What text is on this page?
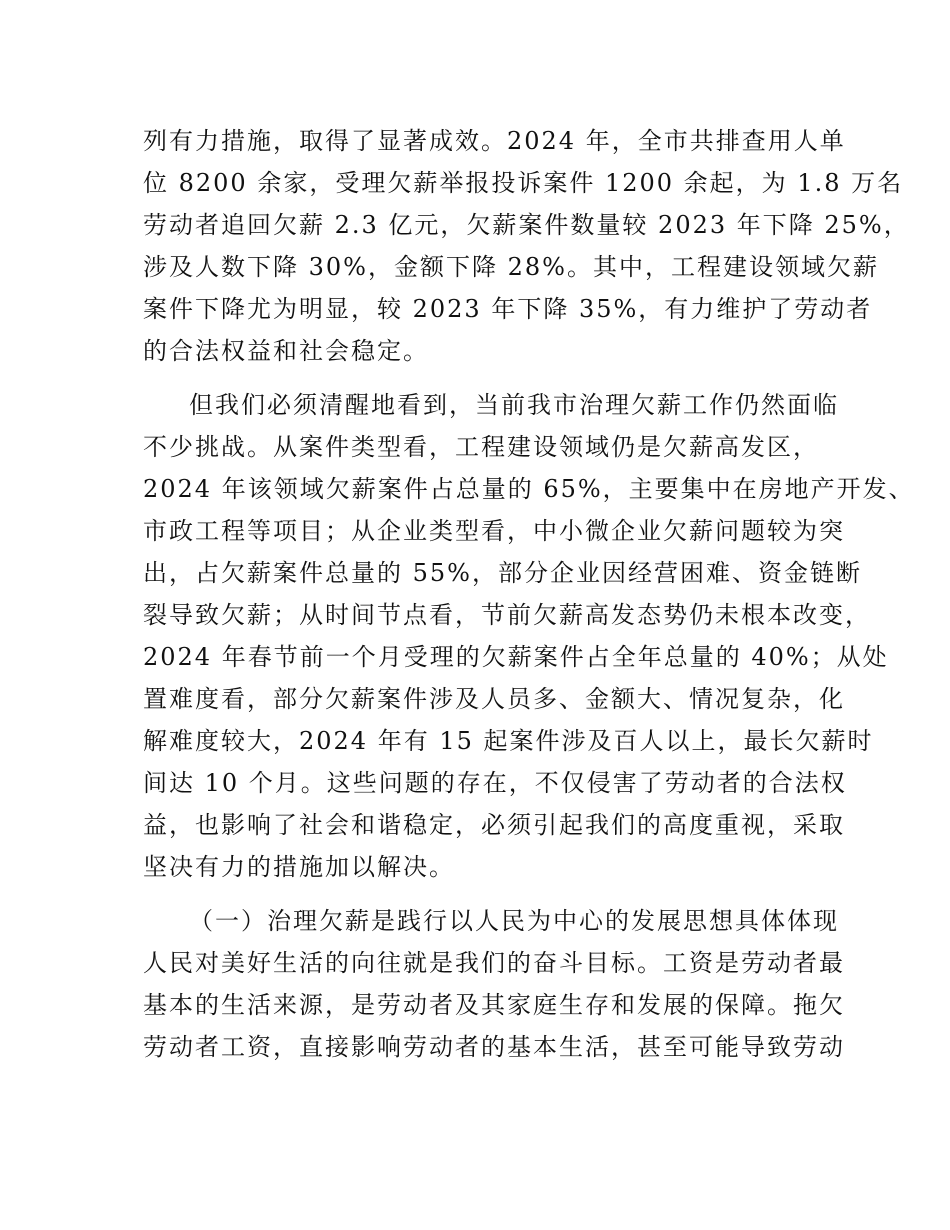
列有力措施，取得了显著成效。2024 年，全市共排查用人单
位 8200 余家，受理欠薪举报投诉案件 1200 余起，为 1.8 万名
劳动者追回欠薪 2.3 亿元，欠薪案件数量较 2023 年下降 25%，
涉及人数下降 30%，金额下降 28%。其中，工程建设领域欠薪
案件下降尤为明显，较 2023 年下降 35%，有力维护了劳动者
的合法权益和社会稳定。

但我们必须清醒地看到，当前我市治理欠薪工作仍然面临
不少挑战。从案件类型看，工程建设领域仍是欠薪高发区，
2024 年该领域欠薪案件占总量的 65%，主要集中在房地产开发、
市政工程等项目；从企业类型看，中小微企业欠薪问题较为突
出，占欠薪案件总量的 55%，部分企业因经营困难、资金链断
裂导致欠薪；从时间节点看，节前欠薪高发态势仍未根本改变，
2024 年春节前一个月受理的欠薪案件占全年总量的 40%；从处
置难度看，部分欠薪案件涉及人员多、金额大、情况复杂，化
解难度较大，2024 年有 15 起案件涉及百人以上，最长欠薪时
间达 10 个月。这些问题的存在，不仅侵害了劳动者的合法权
益，也影响了社会和谐稳定，必须引起我们的高度重视，采取
坚决有力的措施加以解决。

（一）治理欠薪是践行以人民为中心的发展思想具体体现
人民对美好生活的向往就是我们的奋斗目标。工资是劳动者最
基本的生活来源，是劳动者及其家庭生存和发展的保障。拖欠
劳动者工资，直接影响劳动者的基本生活，甚至可能导致劳动
